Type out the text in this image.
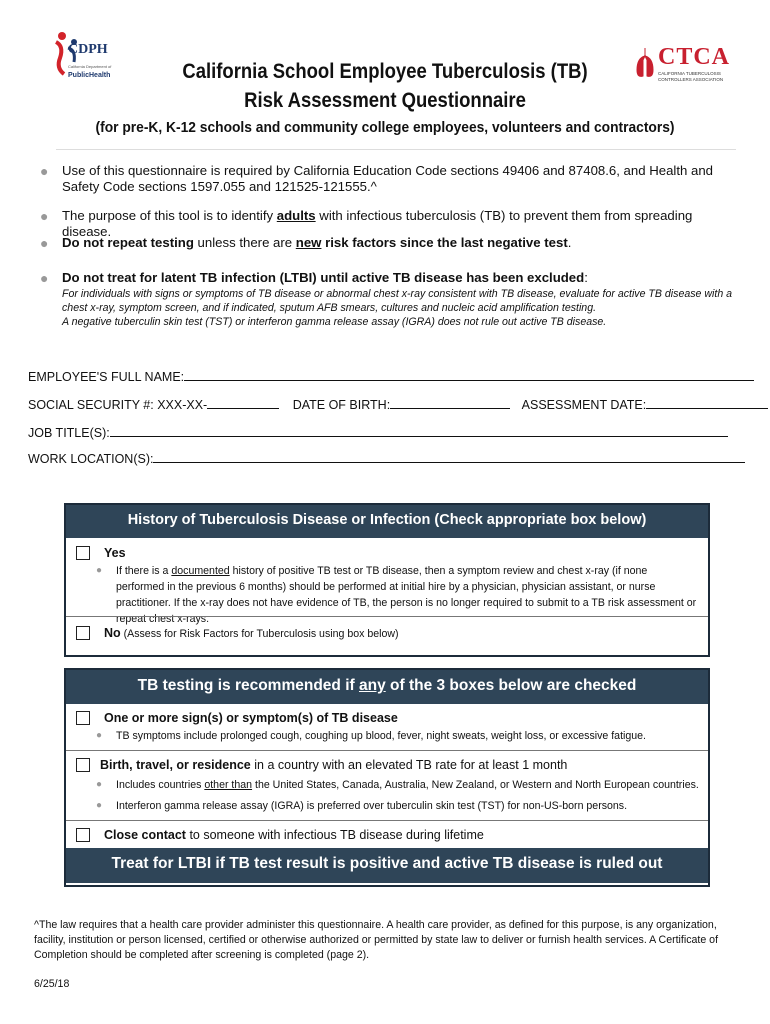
CDPH
California Department of
PublicHealth
CTCA
CALIFORNIA TUBERCULOSIS
CONTROLLERS ASSOCIATION
California School Employee Tuberculosis (TB)
Risk Assessment Questionnaire
(for pre-K, K-12 schools and community college employees, volunteers and contractors)
● Use of this questionnaire is required by California Education Code sections 49406 and 87408.6, and Health and Safety Code sections 1597.055 and 121525-121555.^
● The purpose of this tool is to identify adults with infectious tuberculosis (TB) to prevent them from spreading disease.
● Do not repeat testing unless there are new risk factors since the last negative test.
● Do not treat for latent TB infection (LTBI) until active TB disease has been excluded:
For individuals with signs or symptoms of TB disease or abnormal chest x-ray consistent with TB disease, evaluate for active TB disease with a chest x-ray, symptom screen, and if indicated, sputum AFB smears, cultures and nucleic acid amplification testing.
A negative tuberculin skin test (TST) or interferon gamma release assay (IGRA) does not rule out active TB disease.
EMPLOYEE'S FULL NAME:
SOCIAL SECURITY #: XXX-XX-	DATE OF BIRTH:	ASSESSMENT DATE:
JOB TITLE(S):
WORK LOCATION(S):
History of Tuberculosis Disease or Infection (Check appropriate box below)
Yes
● If there is a documented history of positive TB test or TB disease, then a symptom review and chest x-ray (if none performed in the previous 6 months) should be performed at initial hire by a physician, physician assistant, or nurse practitioner. If the x-ray does not have evidence of TB, the person is no longer required to submit to a TB risk assessment or repeat chest x-rays.
No (Assess for Risk Factors for Tuberculosis using box below)
TB testing is recommended if any of the 3 boxes below are checked
One or more sign(s) or symptom(s) of TB disease
● TB symptoms include prolonged cough, coughing up blood, fever, night sweats, weight loss, or excessive fatigue.
Birth, travel, or residence in a country with an elevated TB rate for at least 1 month
● Includes countries other than the United States, Canada, Australia, New Zealand, or Western and North European countries.
● Interferon gamma release assay (IGRA) is preferred over tuberculin skin test (TST) for non-US-born persons.
Close contact to someone with infectious TB disease during lifetime
Treat for LTBI if TB test result is positive and active TB disease is ruled out
^The law requires that a health care provider administer this questionnaire. A health care provider, as defined for this purpose, is any organization, facility, institution or person licensed, certified or otherwise authorized or permitted by state law to deliver or furnish health services. A Certificate of Completion should be completed after screening is completed (page 2).
6/25/18
